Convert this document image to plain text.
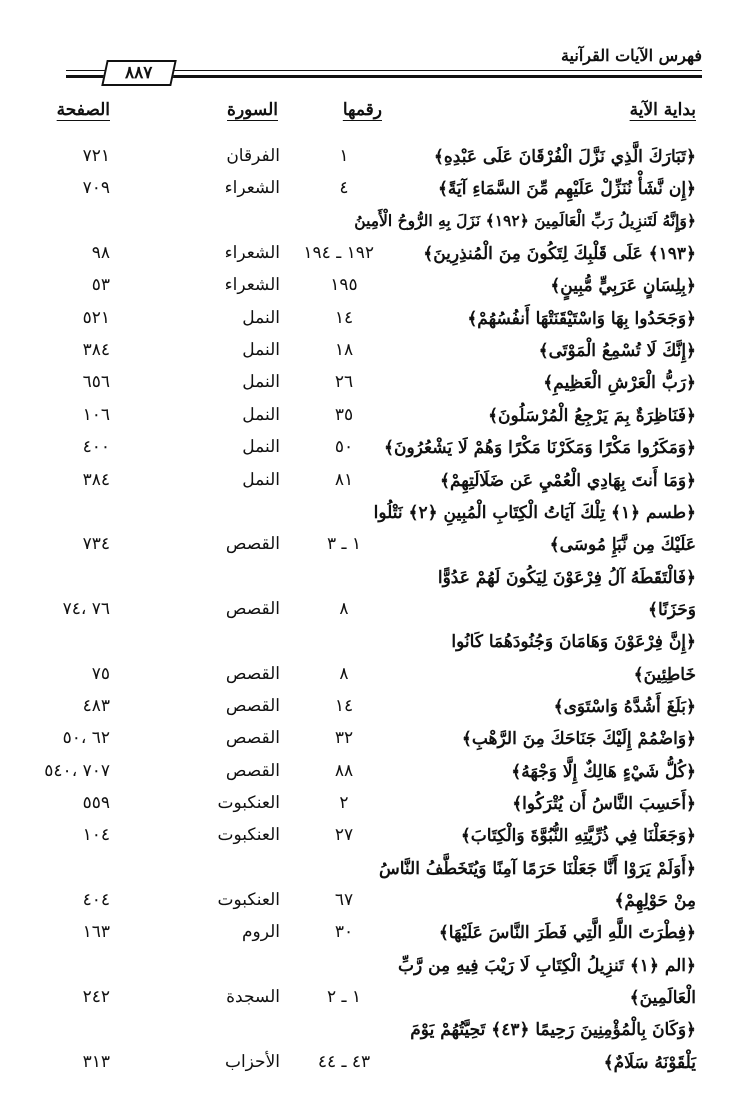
فهرس الآيات القرآنية
٨٨٧
بداية الآية
رقمها
السورة
الصفحة
﴿تَبَارَكَ الَّذِي نَزَّلَ الْفُرْقَانَ عَلَى عَبْدِهِ﴾
١
الفرقان
٧٢١
﴿إِن نَّشَأْ نُنَزِّلْ عَلَيْهِم مِّنَ السَّمَاءِ آيَةً﴾
٤
الشعراء
٧٠٩
﴿وَإِنَّهُ لَتَنزِيلُ رَبِّ الْعَالَمِينَ ﴿١٩٢﴾ نَزَلَ بِهِ الرُّوحُ الْأَمِينُ
﴿١٩٣﴾ عَلَى قَلْبِكَ لِتَكُونَ مِنَ الْمُنذِرِينَ﴾
١٩٢ ـ ١٩٤
الشعراء
٩٨
﴿بِلِسَانٍ عَرَبِيٍّ مُّبِينٍ﴾
١٩٥
الشعراء
٥٣
﴿وَجَحَدُوا بِهَا وَاسْتَيْقَنَتْهَا أَنفُسُهُمْ﴾
١٤
النمل
٥٢١
﴿إِنَّكَ لَا تُسْمِعُ الْمَوْتَى﴾
١٨
النمل
٣٨٤
﴿رَبُّ الْعَرْشِ الْعَظِيمِ﴾
٢٦
النمل
٦٥٦
﴿فَنَاظِرَةٌ بِمَ يَرْجِعُ الْمُرْسَلُونَ﴾
٣٥
النمل
١٠٦
﴿وَمَكَرُوا مَكْرًا وَمَكَرْنَا مَكْرًا وَهُمْ لَا يَشْعُرُونَ﴾
٥٠
النمل
٤٠٠
﴿وَمَا أَنتَ بِهَادِي الْعُمْيِ عَن ضَلَالَتِهِمْ﴾
٨١
النمل
٣٨٤
﴿طسم ﴿١﴾ تِلْكَ آيَاتُ الْكِتَابِ الْمُبِينِ ﴿٢﴾ نَتْلُوا
عَلَيْكَ مِن نَّبَإِ مُوسَى﴾
١ ـ ٣
القصص
٧٣٤
﴿فَالْتَقَطَهُ آلُ فِرْعَوْنَ لِيَكُونَ لَهُمْ عَدُوًّا
وَحَزَنًا﴾
٨
القصص
٧٦ ،٧٤
﴿إِنَّ فِرْعَوْنَ وَهَامَانَ وَجُنُودَهُمَا كَانُوا
خَاطِئِينَ﴾
٨
القصص
٧٥
﴿بَلَغَ أَشُدَّهُ وَاسْتَوَى﴾
١٤
القصص
٤٨٣
﴿وَاضْمُمْ إِلَيْكَ جَنَاحَكَ مِنَ الرَّهْبِ﴾
٣٢
القصص
٦٢ ،٥٠
﴿كُلُّ شَيْءٍ هَالِكٌ إِلَّا وَجْهَهُ﴾
٨٨
القصص
٧٠٧ ،٥٤٠
﴿أَحَسِبَ النَّاسُ أَن يُتْرَكُوا﴾
٢
العنكبوت
٥٥٩
﴿وَجَعَلْنَا فِي ذُرِّيَّتِهِ النُّبُوَّةَ وَالْكِتَابَ﴾
٢٧
العنكبوت
١٠٤
﴿أَوَلَمْ يَرَوْا أَنَّا جَعَلْنَا حَرَمًا آمِنًا وَيُتَخَطَّفُ النَّاسُ
مِنْ حَوْلِهِمْ﴾
٦٧
العنكبوت
٤٠٤
﴿فِطْرَتَ اللَّهِ الَّتِي فَطَرَ النَّاسَ عَلَيْهَا﴾
٣٠
الروم
١٦٣
﴿الم ﴿١﴾ تَنزِيلُ الْكِتَابِ لَا رَيْبَ فِيهِ مِن رَّبِّ
الْعَالَمِينَ﴾
١ ـ ٢
السجدة
٢٤٢
﴿وَكَانَ بِالْمُؤْمِنِينَ رَحِيمًا ﴿٤٣﴾ تَحِيَّتُهُمْ يَوْمَ
يَلْقَوْنَهُ سَلَامٌ﴾
٤٣ ـ ٤٤
الأحزاب
٣١٣
